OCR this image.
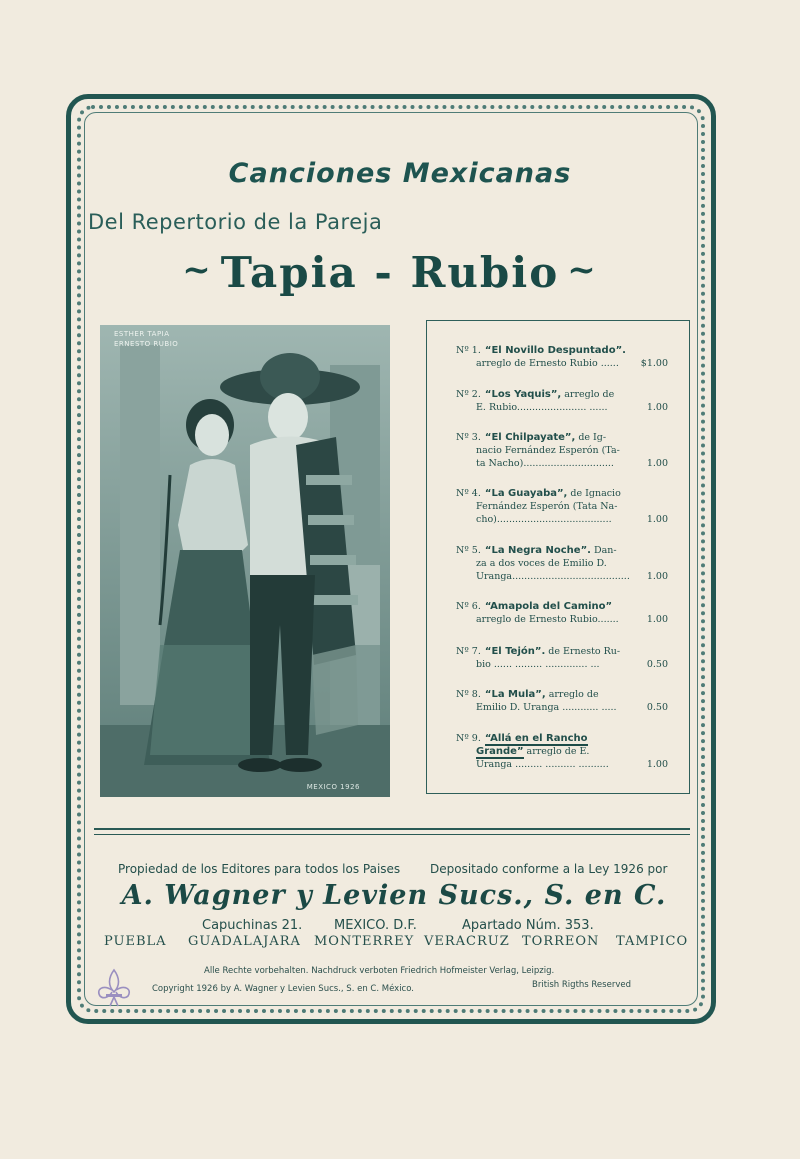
Canciones Mexicanas
Del Repertorio de la Pareja
~ Tapia - Rubio ~
ESTHER TAPIA
ERNESTO RUBIO
MEXICO 1926
Nº 1. “El Novillo Despuntado”.
arreglo de Ernesto Rubio ......	$1.00
Nº 2. “Los Yaquis”, arreglo de
E. Rubio....................... ......	1.00
Nº 3. “El Chilpayate”, de Ig-
nacio Fernández Esperón (Ta-
ta Nacho)..............................	1.00
Nº 4. “La Guayaba”, de Ignacio
Fernández Esperón (Tata Na-
cho)......................................	1.00
Nº 5. “La Negra Noche”. Dan-
za a dos voces de Emilio D.
Uranga.......................................	1.00
Nº 6. “Amapola del Camino”
arreglo de Ernesto Rubio.......	1.00
Nº 7. “El Tejón”. de Ernesto Ru-
bio ...... ......... .............. ...	0.50
Nº 8. “La Mula”, arreglo de
Emilio D. Uranga ............ .....	0.50
Nº 9. “Allá en el Rancho
Grande” arreglo de E.
Uranga ......... .......... ..........	1.00
Propiedad de los Editores para todos los Paises Depositado conforme a la Ley 1926 por
A. Wagner y Levien Sucs., S. en C.
Capuchinas 21. MEXICO. D.F.	Apartado Núm. 353.
PUEBLA GUADALAJARA MONTERREY VERACRUZ TORREON TAMPICO
Alle Rechte vorbehalten. Nachdruck verboten Friedrich Hofmeister Verlag, Leipzig.
Copyright 1926 by A. Wagner y Levien Sucs., S. en C. México.	British Rigths Reserved
